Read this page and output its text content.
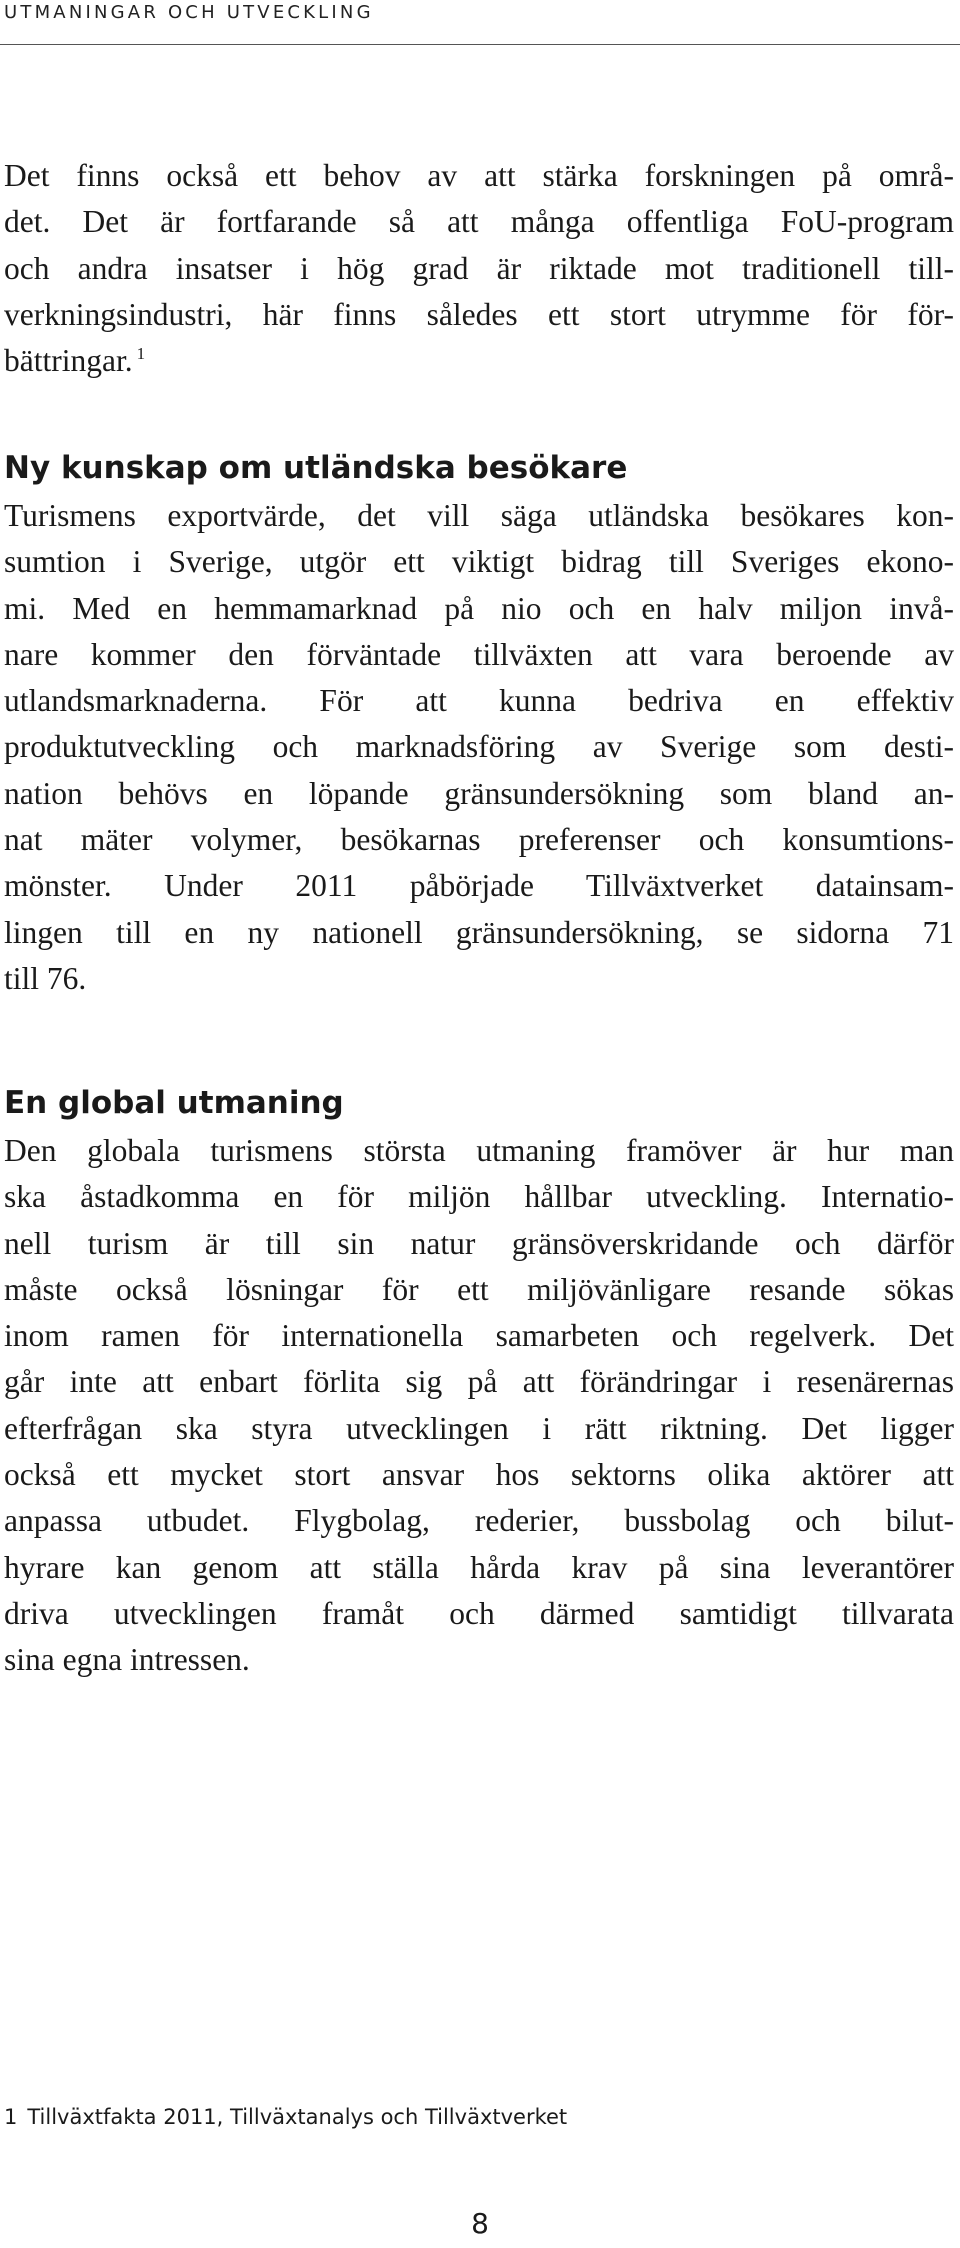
UTMANINGAR OCH UTVECKLING
Det finns också ett behov av att stärka forskningen på områ-
det. Det är fortfarande så att många offentliga FoU-program
och andra insatser i hög grad är riktade mot traditionell till-
verkningsindustri, här finns således ett stort utrymme för för-
bättringar. $^1$
Ny kunskap om utländska besökare
Turismens exportvärde, det vill säga utländska besökares kon-
sumtion i Sverige, utgör ett viktigt bidrag till Sveriges ekono-
mi. Med en hemmamarknad på nio och en halv miljon invå-
nare kommer den förväntade tillväxten att vara beroende av
utlandsmarknaderna. För att kunna bedriva en effektiv
produktutveckling och marknadsföring av Sverige som desti-
nation behövs en löpande gränsundersökning som bland an-
nat mäter volymer, besökarnas preferenser och konsumtions-
mönster. Under 2011 påbörjade Tillväxtverket datainsam-
lingen till en ny nationell gränsundersökning, se sidorna 71
till 76.
En global utmaning
Den globala turismens största utmaning framöver är hur man
ska åstadkomma en för miljön hållbar utveckling. Internatio-
nell turism är till sin natur gränsöverskridande och därför
måste också lösningar för ett miljövänligare resande sökas
inom ramen för internationella samarbeten och regelverk. Det
går inte att enbart förlita sig på att förändringar i resenärernas
efterfrågan ska styra utvecklingen i rätt riktning. Det ligger
också ett mycket stort ansvar hos sektorns olika aktörer att
anpassa utbudet. Flygbolag, rederier, bussbolag och bilut-
hyrare kan genom att ställa hårda krav på sina leverantörer
driva utvecklingen framåt och därmed samtidigt tillvarata
sina egna intressen.
1 Tillväxtfakta 2011, Tillväxtanalys och Tillväxtverket
8
